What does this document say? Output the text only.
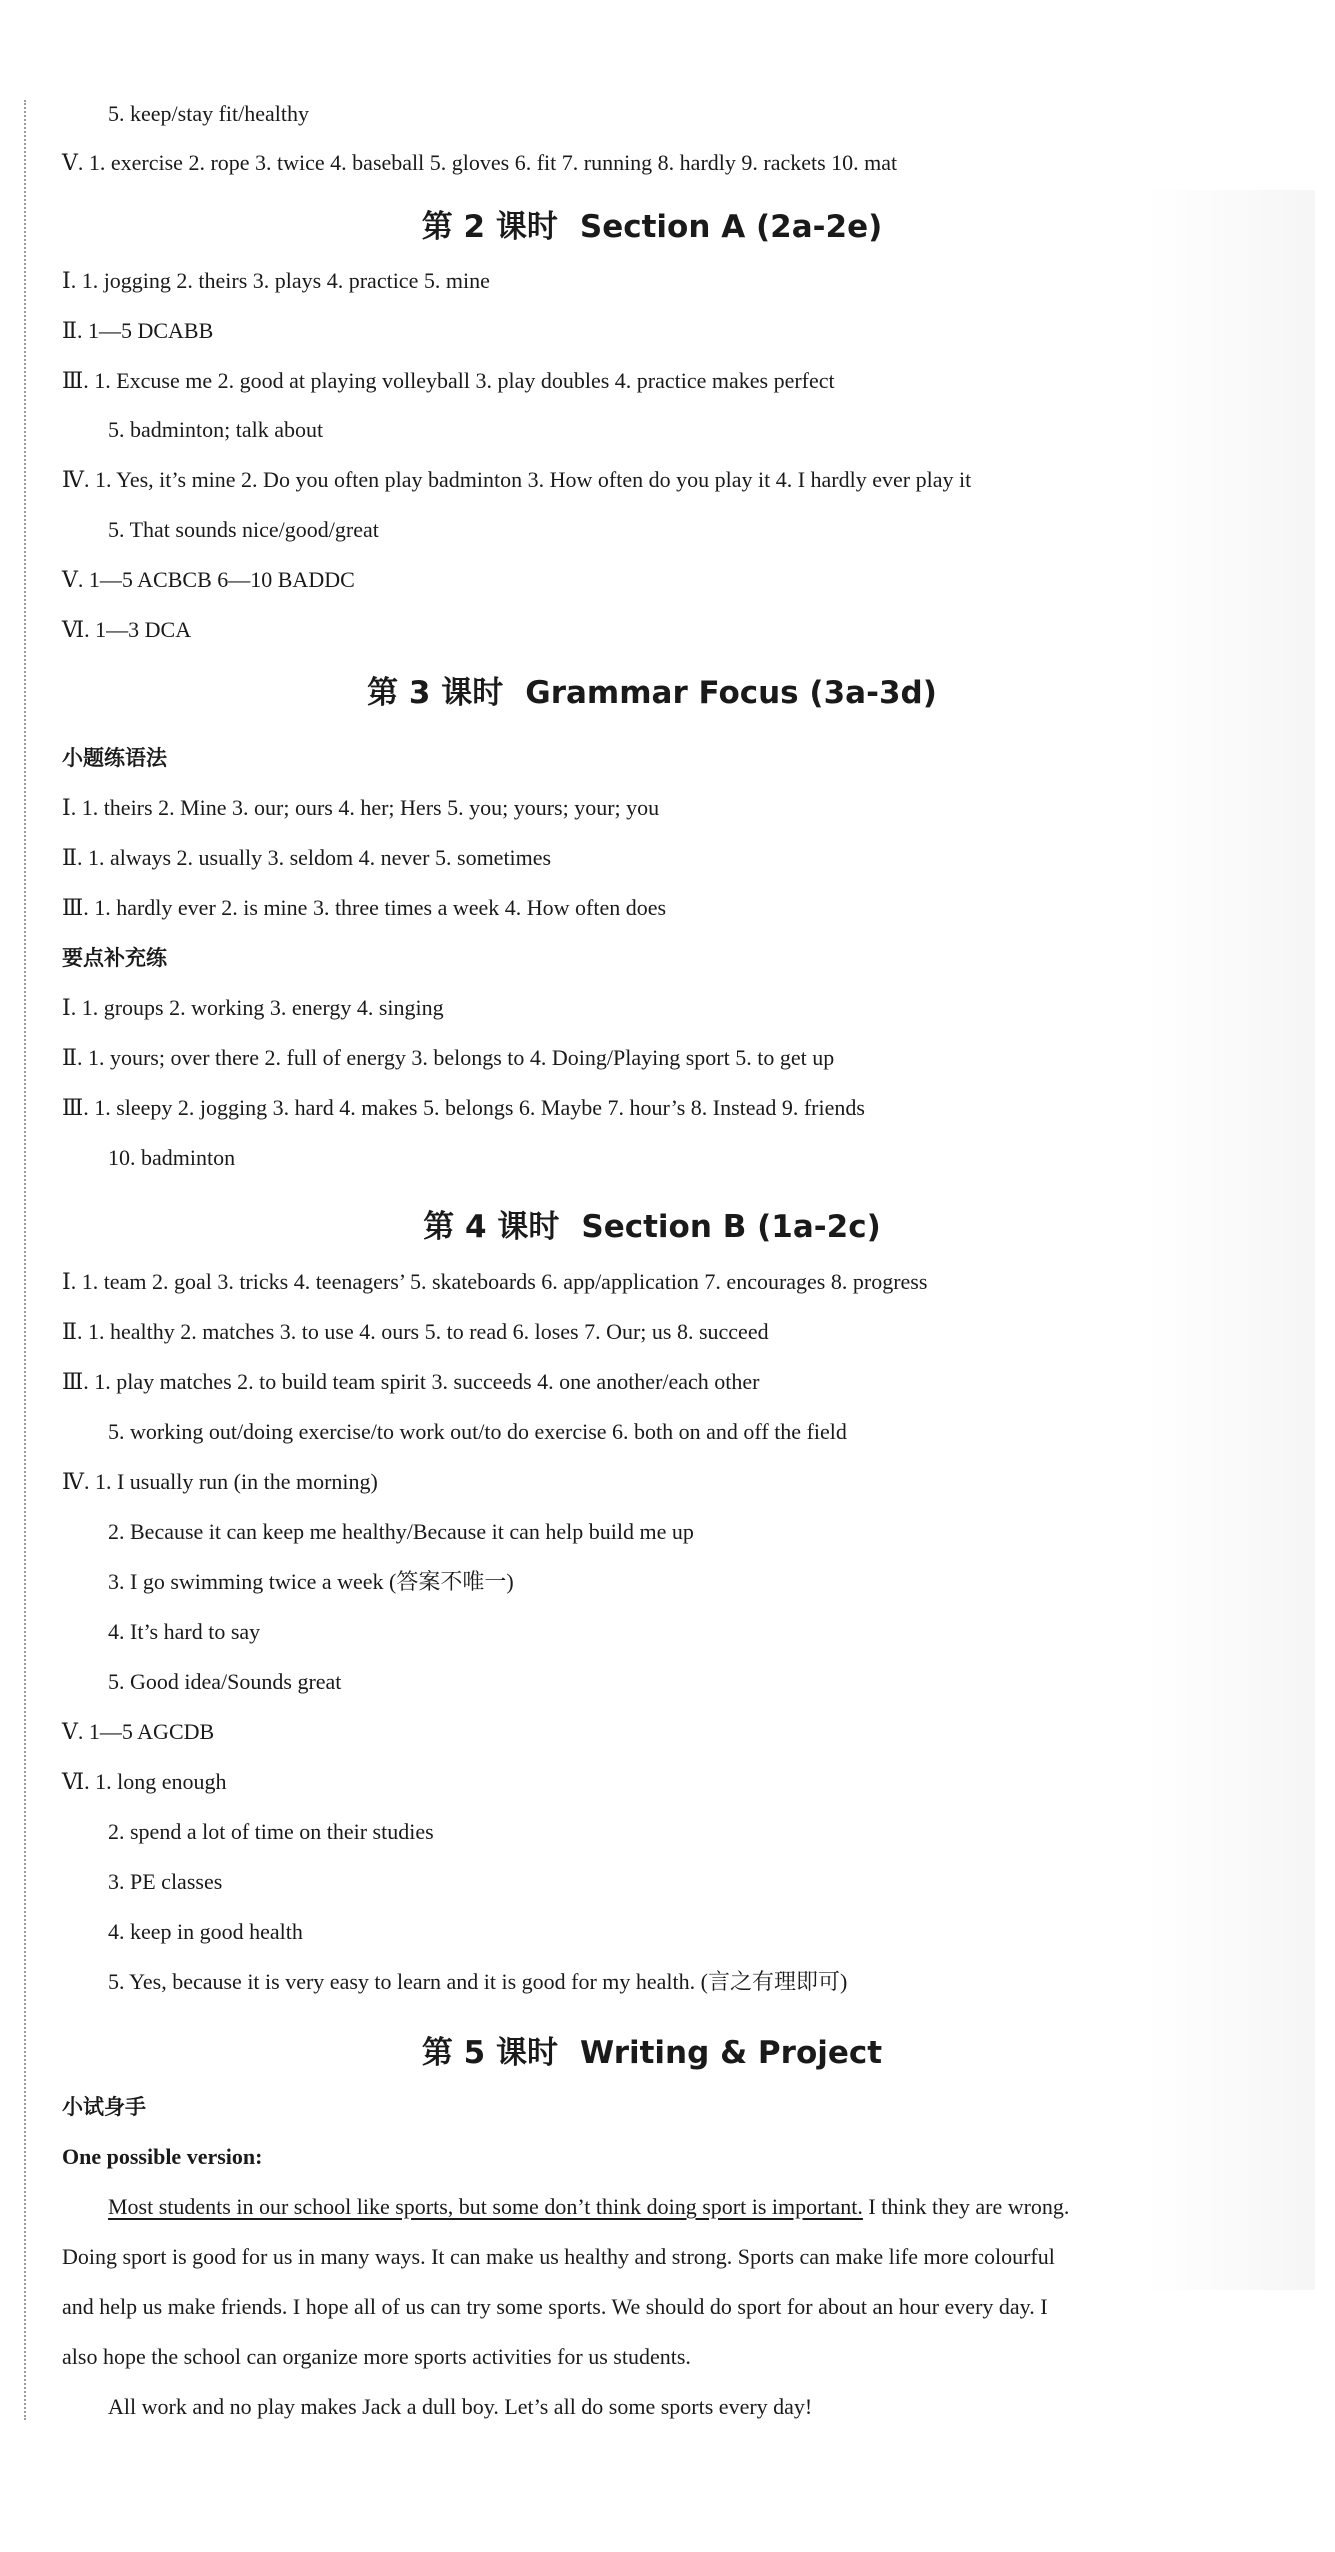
5. keep/stay fit/healthy
Ⅴ. 1. exercise 2. rope 3. twice 4. baseball 5. gloves 6. fit 7. running 8. hardly 9. rackets 10. mat
第 2 课时 Section A (2a-2e)
Ⅰ. 1. jogging 2. theirs 3. plays 4. practice 5. mine
Ⅱ. 1—5 DCABB
Ⅲ. 1. Excuse me 2. good at playing volleyball 3. play doubles 4. practice makes perfect
5. badminton; talk about
Ⅳ. 1. Yes, it’s mine 2. Do you often play badminton 3. How often do you play it 4. I hardly ever play it
5. That sounds nice/good/great
Ⅴ. 1—5 ACBCB 6—10 BADDC
Ⅵ. 1—3 DCA
第 3 课时 Grammar Focus (3a-3d)
小题练语法
Ⅰ. 1. theirs 2. Mine 3. our; ours 4. her; Hers 5. you; yours; your; you
Ⅱ. 1. always 2. usually 3. seldom 4. never 5. sometimes
Ⅲ. 1. hardly ever 2. is mine 3. three times a week 4. How often does
要点补充练
Ⅰ. 1. groups 2. working 3. energy 4. singing
Ⅱ. 1. yours; over there 2. full of energy 3. belongs to 4. Doing/Playing sport 5. to get up
Ⅲ. 1. sleepy 2. jogging 3. hard 4. makes 5. belongs 6. Maybe 7. hour’s 8. Instead 9. friends
10. badminton
第 4 课时 Section B (1a-2c)
Ⅰ. 1. team 2. goal 3. tricks 4. teenagers’ 5. skateboards 6. app/application 7. encourages 8. progress
Ⅱ. 1. healthy 2. matches 3. to use 4. ours 5. to read 6. loses 7. Our; us 8. succeed
Ⅲ. 1. play matches 2. to build team spirit 3. succeeds 4. one another/each other
5. working out/doing exercise/to work out/to do exercise 6. both on and off the field
Ⅳ. 1. I usually run (in the morning)
2. Because it can keep me healthy/Because it can help build me up
3. I go swimming twice a week (答案不唯一)
4. It’s hard to say
5. Good idea/Sounds great
Ⅴ. 1—5 AGCDB
Ⅵ. 1. long enough
2. spend a lot of time on their studies
3. PE classes
4. keep in good health
5. Yes, because it is very easy to learn and it is good for my health. (言之有理即可)
第 5 课时 Writing & Project
小试身手
One possible version:
Most students in our school like sports, but some don’t think doing sport is important. I think they are wrong.
Doing sport is good for us in many ways. It can make us healthy and strong. Sports can make life more colourful
and help us make friends. I hope all of us can try some sports. We should do sport for about an hour every day. I
also hope the school can organize more sports activities for us students.
All work and no play makes Jack a dull boy. Let’s all do some sports every day!
